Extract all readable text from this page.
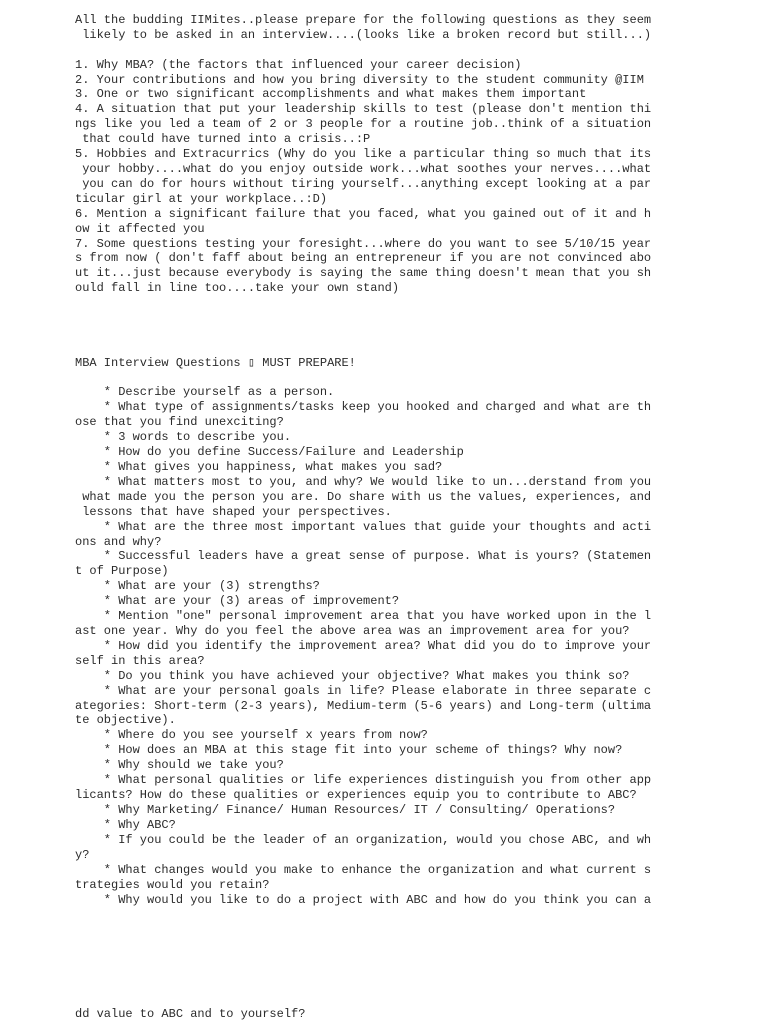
All the budding IIMites..please prepare for the following questions as they seem
likely to be asked in an interview....(looks like a broken record but still...)
1. Why MBA? (the factors that influenced your career decision)
2. Your contributions and how you bring diversity to the student community @IIM
3. One or two significant accomplishments and what makes them important
4. A situation that put your leadership skills to test (please don't mention thi
ngs like you led a team of 2 or 3 people for a routine job..think of a situation
that could have turned into a crisis..:P
5. Hobbies and Extracurrics (Why do you like a particular thing so much that its
your hobby....what do you enjoy outside work...what soothes your nerves....what
you can do for hours without tiring yourself...anything except looking at a par
ticular girl at your workplace..:D)
6. Mention a significant failure that you faced, what you gained out of it and h
ow it affected you
7. Some questions testing your foresight...where do you want to see 5/10/15 year
s from now ( don't faff about being an entrepreneur if you are not convinced abo
ut it...just because everybody is saying the same thing doesn't mean that you sh
ould fall in line too....take your own stand)
MBA Interview Questions ▯ MUST PREPARE!
* Describe yourself as a person.
* What type of assignments/tasks keep you hooked and charged and what are th
ose that you find unexciting?
* 3 words to describe you.
* How do you define Success/Failure and Leadership
* What gives you happiness, what makes you sad?
* What matters most to you, and why? We would like to un...derstand from you
what made you the person you are. Do share with us the values, experiences, and
lessons that have shaped your perspectives.
* What are the three most important values that guide your thoughts and acti
ons and why?
* Successful leaders have a great sense of purpose. What is yours? (Statemen
t of Purpose)
* What are your (3) strengths?
* What are your (3) areas of improvement?
* Mention "one" personal improvement area that you have worked upon in the l
ast one year. Why do you feel the above area was an improvement area for you?
* How did you identify the improvement area? What did you do to improve your
self in this area?
* Do you think you have achieved your objective? What makes you think so?
* What are your personal goals in life? Please elaborate in three separate c
ategories: Short-term (2-3 years), Medium-term (5-6 years) and Long-term (ultima
te objective).
* Where do you see yourself x years from now?
* How does an MBA at this stage fit into your scheme of things? Why now?
* Why should we take you?
* What personal qualities or life experiences distinguish you from other app
licants? How do these qualities or experiences equip you to contribute to ABC?
* Why Marketing/ Finance/ Human Resources/ IT / Consulting/ Operations?
* Why ABC?
* If you could be the leader of an organization, would you chose ABC, and wh
y?
* What changes would you make to enhance the organization and what current s
trategies would you retain?
* Why would you like to do a project with ABC and how do you think you can a
dd value to ABC and to yourself?
